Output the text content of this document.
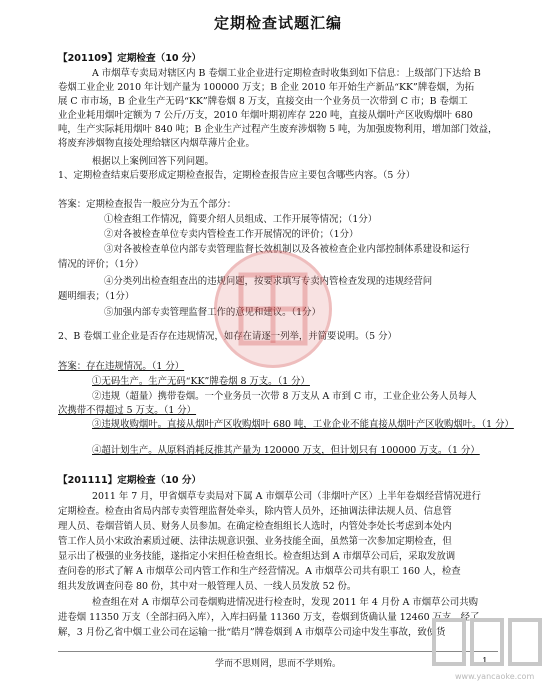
定期检查试题汇编
【201109】定期检查（10 分）
A 市烟草专卖局对辖区内 B 卷烟工业企业进行定期检查时收集到如下信息：上级部门下达给 B
卷烟工业企业 2010 年计划产量为 100000 万支；B 企业 2010 年开始生产新品“KK”牌卷烟，为拓
展 C 市市场，B 企业生产无码“KK”牌卷烟 8 万支，直接交由一个业务员一次带到 C 市；B 卷烟工
业企业耗用烟叶定额为 7 公斤/万支，2010 年烟叶期初库存 220 吨，直接从烟叶产区收购烟叶 680
吨，生产实际耗用烟叶 840 吨；B 企业生产过程产生废弃涉烟物 5 吨，为加强废物利用，增加部门效益，
将废弃涉烟物直接处理给辖区内烟草薄片企业。
根据以上案例回答下列问题。
1、定期检查结束后要形成定期检查报告，定期检查报告应主要包含哪些内容。（5 分）
答案：定期检查报告一般应分为五个部分：
①检查组工作情况，简要介绍人员组成、工作开展等情况；（1分）
②对各被检查单位专卖内管检查工作开展情况的评价；（1分）
③对各被检查单位内部专卖管理监督长效机制以及各被检查企业内部控制体系建设和运行
情况的评价；（1分）
④分类列出检查组查出的违规问题，按要求填写专卖内管检查发现的违规经营问
题明细表；（1分）
⑤加强内部专卖管理监督工作的意见和建议。（1分）
2、B 卷烟工业企业是否存在违规情况，如存在请逐一列举，并简要说明。（5 分）
答案：存在违规情况。（1 分）
①无码生产。生产无码“KK”牌卷烟 8 万支。（1 分）
②违规（超量）携带卷烟。一个业务员一次带 8 万支从 A 市到 C 市，工业企业公务人员每人
次携带不得超过 5 万支。（1 分）
③违规收购烟叶。直接从烟叶产区收购烟叶 680 吨，工业企业不能直接从烟叶产区收购烟叶。（1 分）
④超计划生产。从原料消耗反推其产量为 120000 万支，但计划只有 100000 万支。（1 分）
【201111】定期检查（10 分）
2011 年 7 月，甲省烟草专卖局对下属 A 市烟草公司（非烟叶产区）上半年卷烟经营情况进行
定期检查。检查由省局内部专卖管理监督处牵头，除内管人员外，还抽调法律法规人员、信息管
理人员、卷烟营销人员、财务人员参加。在确定检查组组长人选时，内管处李处长考虑到本处内
管工作人员小宋政治素质过硬、法律法规意识强、业务技能全面，虽然第一次参加定期检查，但
显示出了极强的业务技能，遂指定小宋担任检查组长。检查组达到 A 市烟草公司后，采取发放调
查问卷的形式了解 A 市烟草公司内管工作和生产经营情况。A 市烟草公司共有职工 160 人，检查
组共发放调查问卷 80 份，其中对一般管理人员、一线人员发放 52 份。
检查组在对 A 市烟草公司卷烟购进情况进行检查时，发现 2011 年 4 月份 A 市烟草公司共购
进卷烟 11350 万支（全部扫码入库），入库扫码量 11360 万支，卷烟到货确认量 12460 万支。经了
解，3 月份乙省中烟工业公司在运输一批“皓月”牌卷烟到 A 市烟草公司途中发生事故，致使货
学而不思则罔，思而不学则殆。	1
www.yancaoke.com
